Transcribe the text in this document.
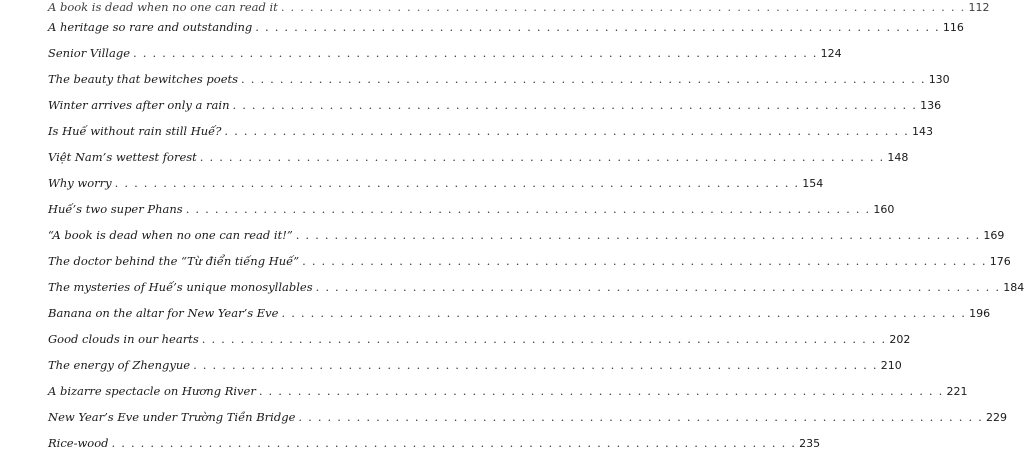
A book is dead when no one can read it . . .	112
A heritage so rare and outstanding . . .	116
Senior Village . . .	124
The beauty that bewitches poets . . .	130
Winter arrives after only a rain . . .	136
Is Huế without rain still Huế? . . .	143
Việt Nam’s wettest forest . . .	148
Why worry . . .	154
Huế’s two super Phans . . .	160
“A book is dead when no one can read it!” . . .	169
The doctor behind the “Từ điển tiếng Huế” . . .	176
The mysteries of Huế’s unique monosyllables . . .	184
Banana on the altar for New Year’s Eve . . .	196
Good clouds in our hearts . . .	202
The energy of Zhengyue . . .	210
A bizarre spectacle on Hương River . . .	221
New Year’s Eve under Trường Tiền Bridge . . .	229
Rice-wood . . .	235
